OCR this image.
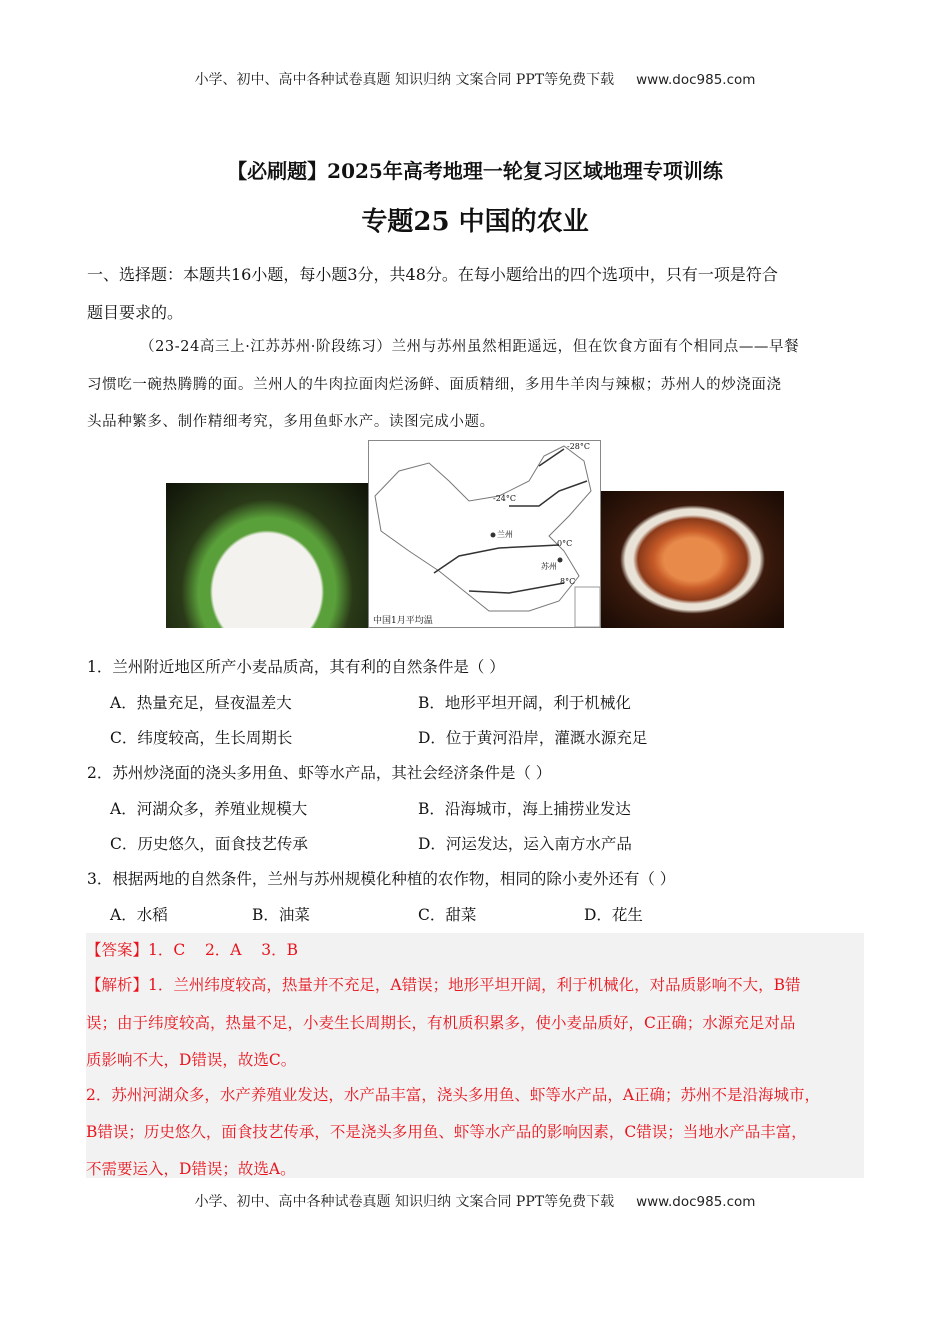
小学、初中、高中各种试卷真题 知识归纳 文案合同 PPT等免费下载 www.doc985.com
【必刷题】2025年高考地理一轮复习区域地理专项训练
专题25 中国的农业
一、选择题：本题共16小题，每小题3分，共48分。在每小题给出的四个选项中，只有一项是符合
题目要求的。
（23-24高三上·江苏苏州·阶段练习）兰州与苏州虽然相距遥远，但在饮食方面有个相同点——早餐
习惯吃一碗热腾腾的面。兰州人的牛肉拉面肉烂汤鲜、面质精细，多用牛羊肉与辣椒；苏州人的炒浇面浇
头品种繁多、制作精细考究，多用鱼虾水产。读图完成小题。
-28°C
-24°C
兰州
0°C
苏州
8°C
中国1月平均温
1．兰州附近地区所产小麦品质高，其有利的自然条件是（ ）
A．热量充足，昼夜温差大	B．地形平坦开阔，利于机械化
C．纬度较高，生长周期长	D．位于黄河沿岸，灌溉水源充足
2．苏州炒浇面的浇头多用鱼、虾等水产品，其社会经济条件是（ ）
A．河湖众多，养殖业规模大	B．沿海城市，海上捕捞业发达
C．历史悠久，面食技艺传承	D．河运发达，运入南方水产品
3．根据两地的自然条件，兰州与苏州规模化种植的农作物，相同的除小麦外还有（ ）
A．水稻	B．油菜	C．甜菜	D．花生
【答案】1．C    2．A    3．B
【解析】1．兰州纬度较高，热量并不充足，A错误；地形平坦开阔，利于机械化，对品质影响不大，B错
误；由于纬度较高，热量不足，小麦生长周期长，有机质积累多，使小麦品质好，C正确；水源充足对品
质影响不大，D错误，故选C。
2．苏州河湖众多，水产养殖业发达，水产品丰富，浇头多用鱼、虾等水产品，A正确；苏州不是沿海城市，
B错误；历史悠久，面食技艺传承，不是浇头多用鱼、虾等水产品的影响因素，C错误；当地水产品丰富，
不需要运入，D错误；故选A。
小学、初中、高中各种试卷真题 知识归纳 文案合同 PPT等免费下载 www.doc985.com
